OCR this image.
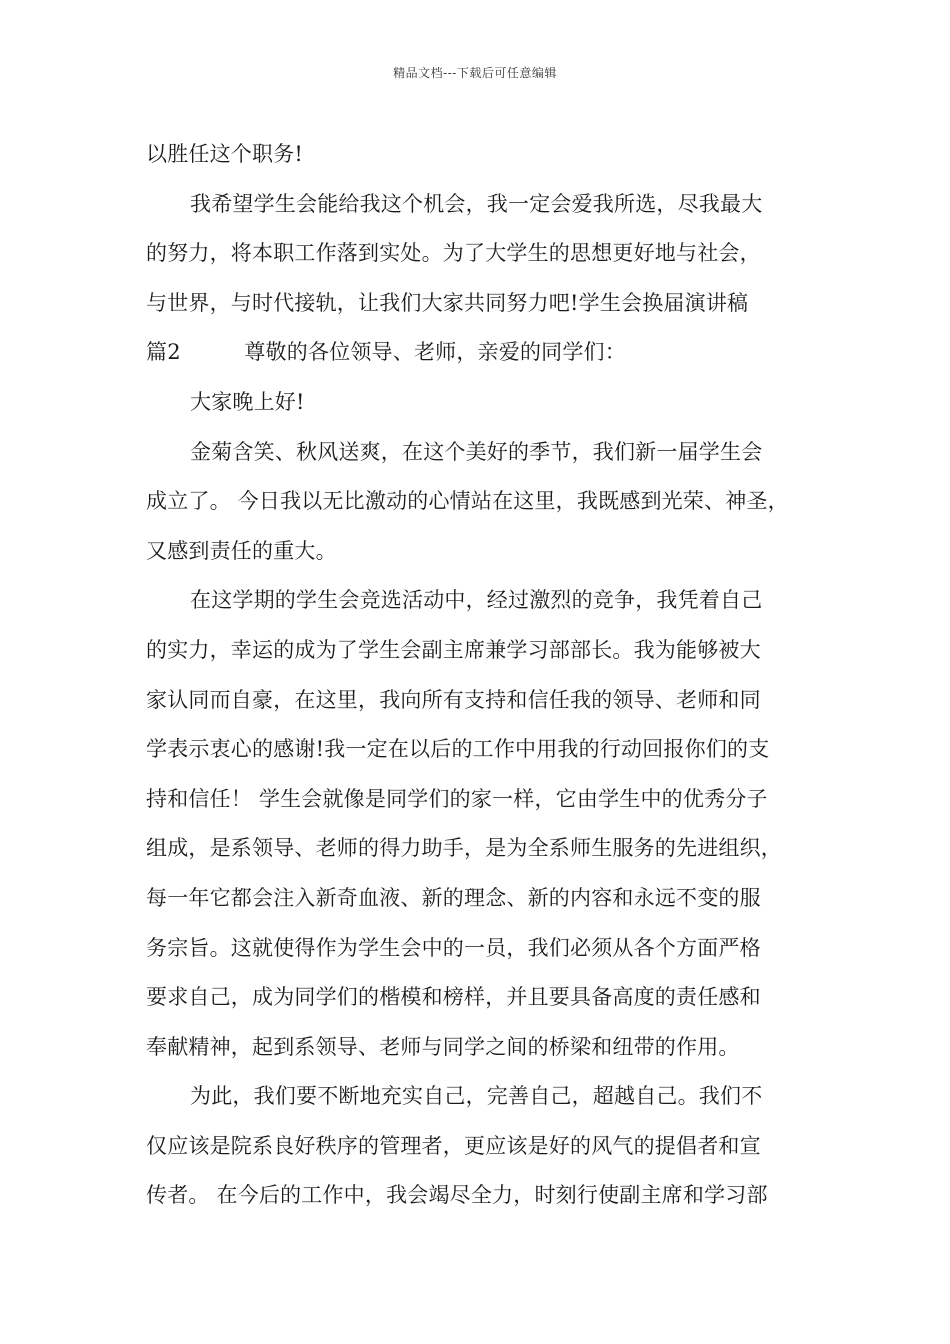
精品文档---下载后可任意编辑
以胜任这个职务!
我希望学生会能给我这个机会，我一定会爱我所选，尽我最大
的努力，将本职工作落到实处。为了大学生的思想更好地与社会，
与世界，与时代接轨，让我们大家共同努力吧!学生会换届演讲稿
篇2　　　尊敬的各位领导、老师，亲爱的同学们：
大家晚上好!
金菊含笑、秋风送爽，在这个美好的季节，我们新一届学生会
成立了。 今日我以无比激动的心情站在这里，我既感到光荣、神圣，
又感到责任的重大。
在这学期的学生会竞选活动中，经过激烈的竞争，我凭着自己
的实力，幸运的成为了学生会副主席兼学习部部长。我为能够被大
家认同而自豪，在这里，我向所有支持和信任我的领导、老师和同
学表示衷心的感谢!我一定在以后的工作中用我的行动回报你们的支
持和信任！ 学生会就像是同学们的家一样，它由学生中的优秀分子
组成，是系领导、老师的得力助手，是为全系师生服务的先进组织，
每一年它都会注入新奇血液、新的理念、新的内容和永远不变的服
务宗旨。这就使得作为学生会中的一员，我们必须从各个方面严格
要求自己，成为同学们的楷模和榜样，并且要具备高度的责任感和
奉献精神，起到系领导、老师与同学之间的桥梁和纽带的作用。
为此，我们要不断地充实自己，完善自己，超越自己。我们不
仅应该是院系良好秩序的管理者，更应该是好的风气的提倡者和宣
传者。 在今后的工作中，我会竭尽全力，时刻行使副主席和学习部
